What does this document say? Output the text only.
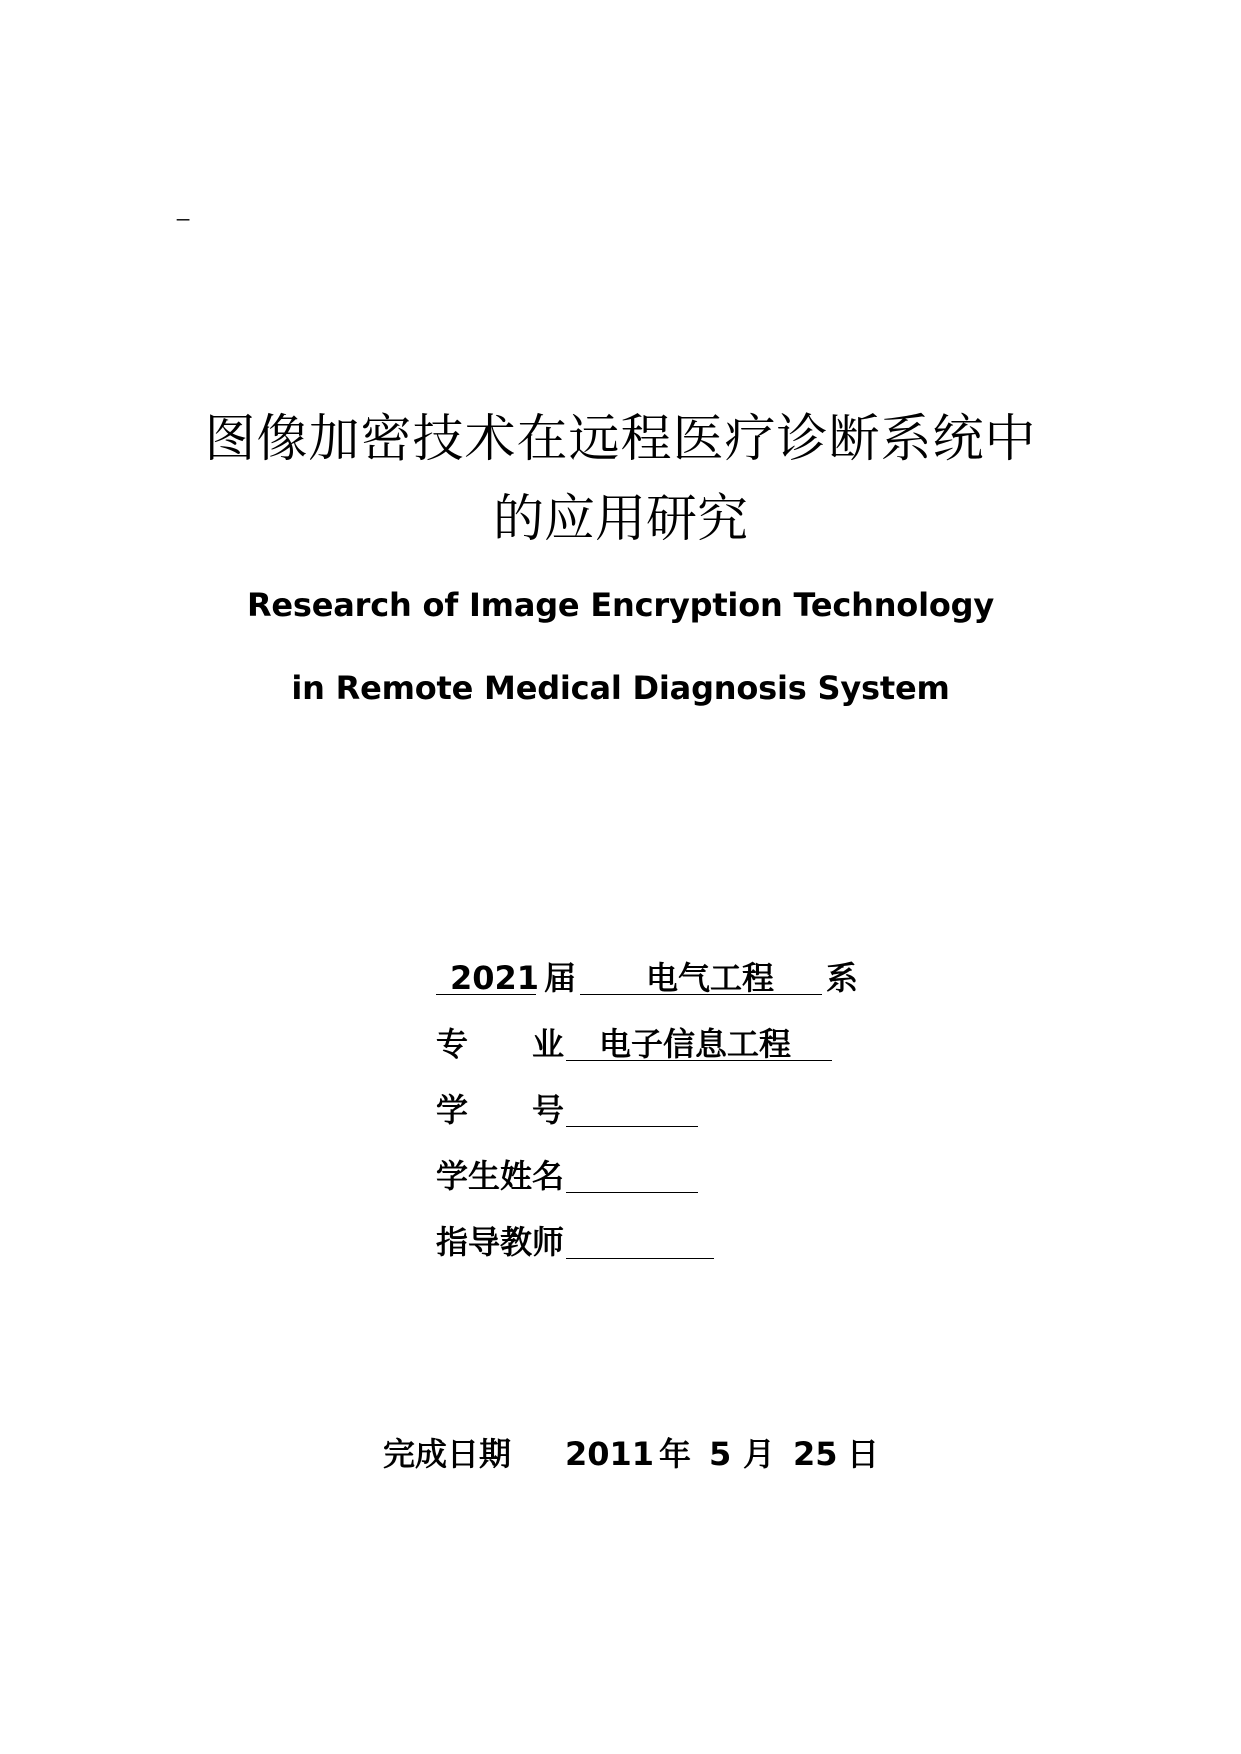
_
图像加密技术在远程医疗诊断系统中
的应用研究
Research of Image Encryption Technology
in Remote Medical Diagnosis System
2021 届 电气工程 系
专 业 电子信息工程
学 号
学生姓名
指导教师
完成日期 2011 年 5 月 25 日
